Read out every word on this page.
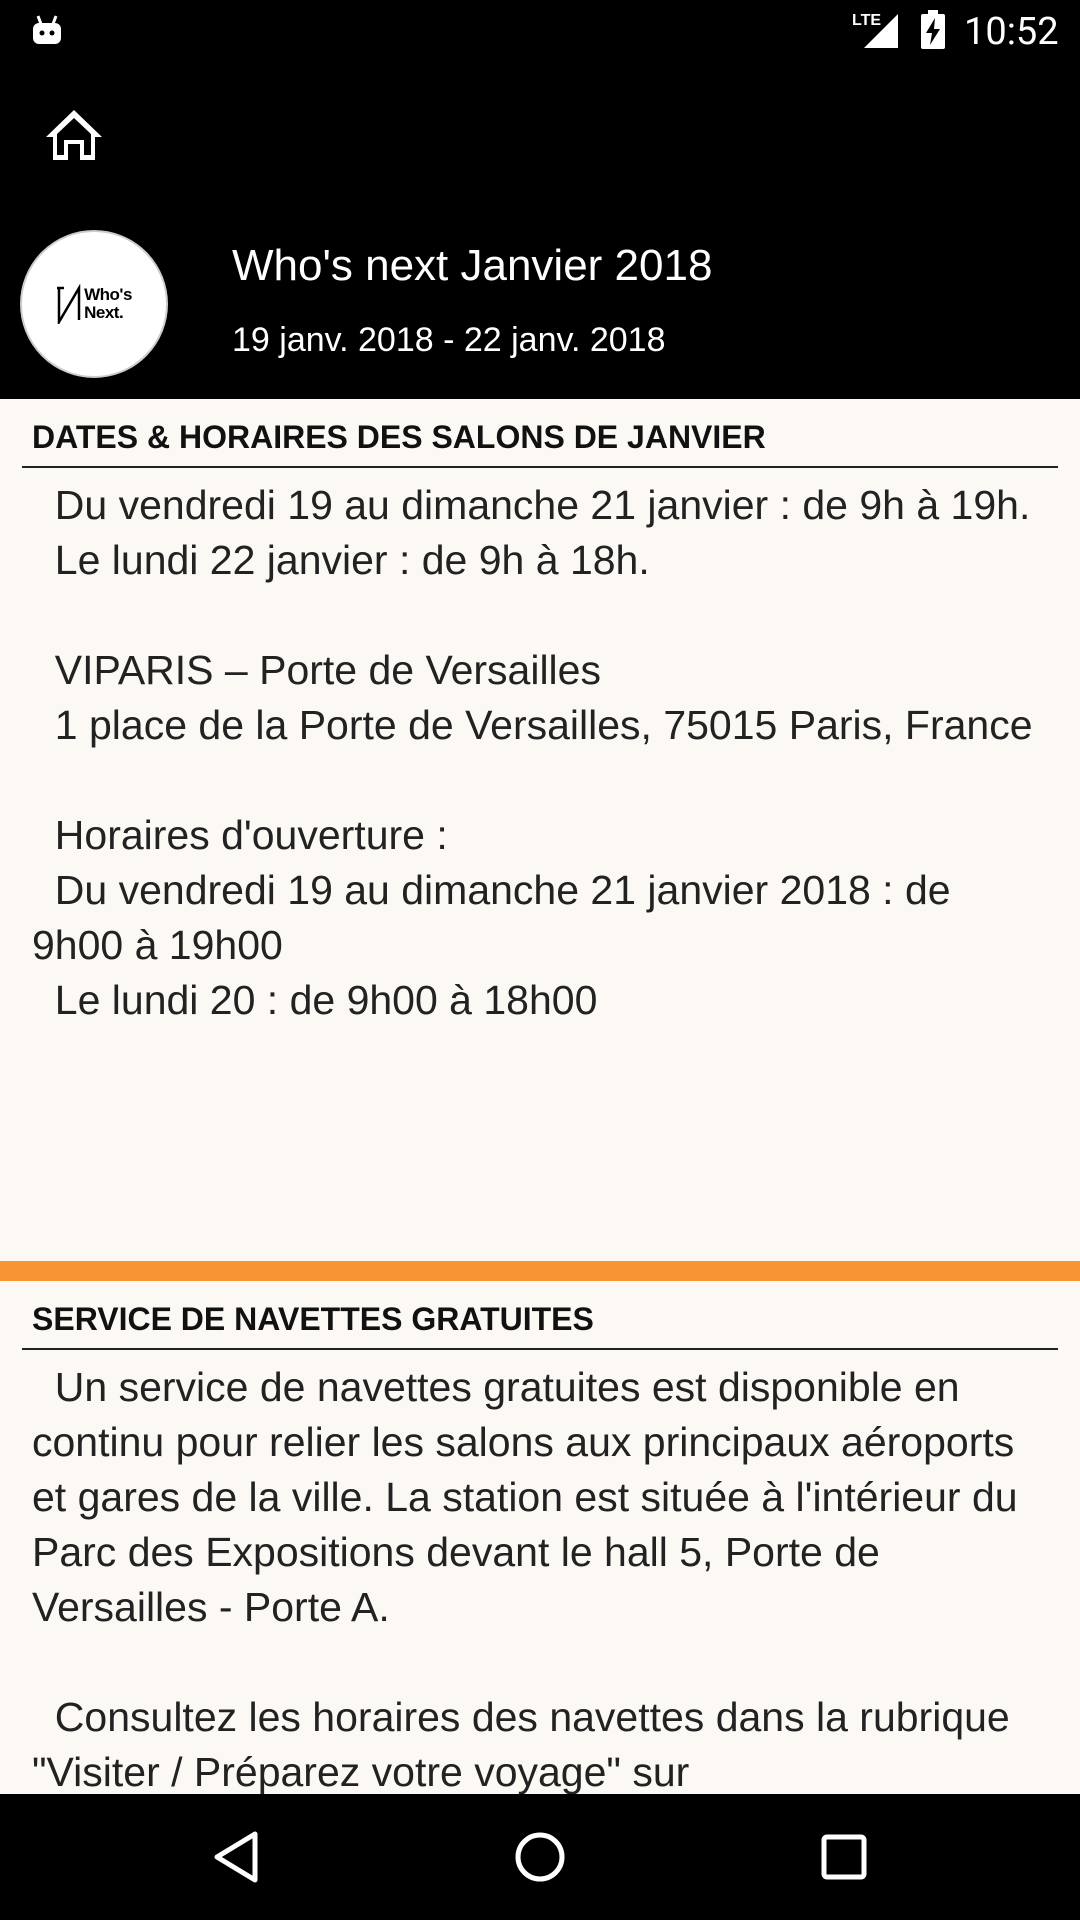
LTE 10:52
Who's
Next.
Who's next Janvier 2018
19 janv. 2018 - 22 janv. 2018
DATES & HORAIRES DES SALONS DE JANVIER
Du vendredi 19 au dimanche 21 janvier : de 9h à 19h.
Le lundi 22 janvier : de 9h à 18h.

VIPARIS – Porte de Versailles
1 place de la Porte de Versailles, 75015 Paris, France

Horaires d'ouverture :
Du vendredi 19 au dimanche 21 janvier 2018 : de 9h00 à 19h00
Le lundi 20 : de 9h00 à 18h00
SERVICE DE NAVETTES GRATUITES
Un service de navettes gratuites est disponible en continu pour relier les salons aux principaux aéroports et gares de la ville. La station est située à l'intérieur du Parc des Expositions devant le hall 5, Porte de Versailles - Porte A.

Consultez les horaires des navettes dans la rubrique "Visiter / Préparez votre voyage" sur
